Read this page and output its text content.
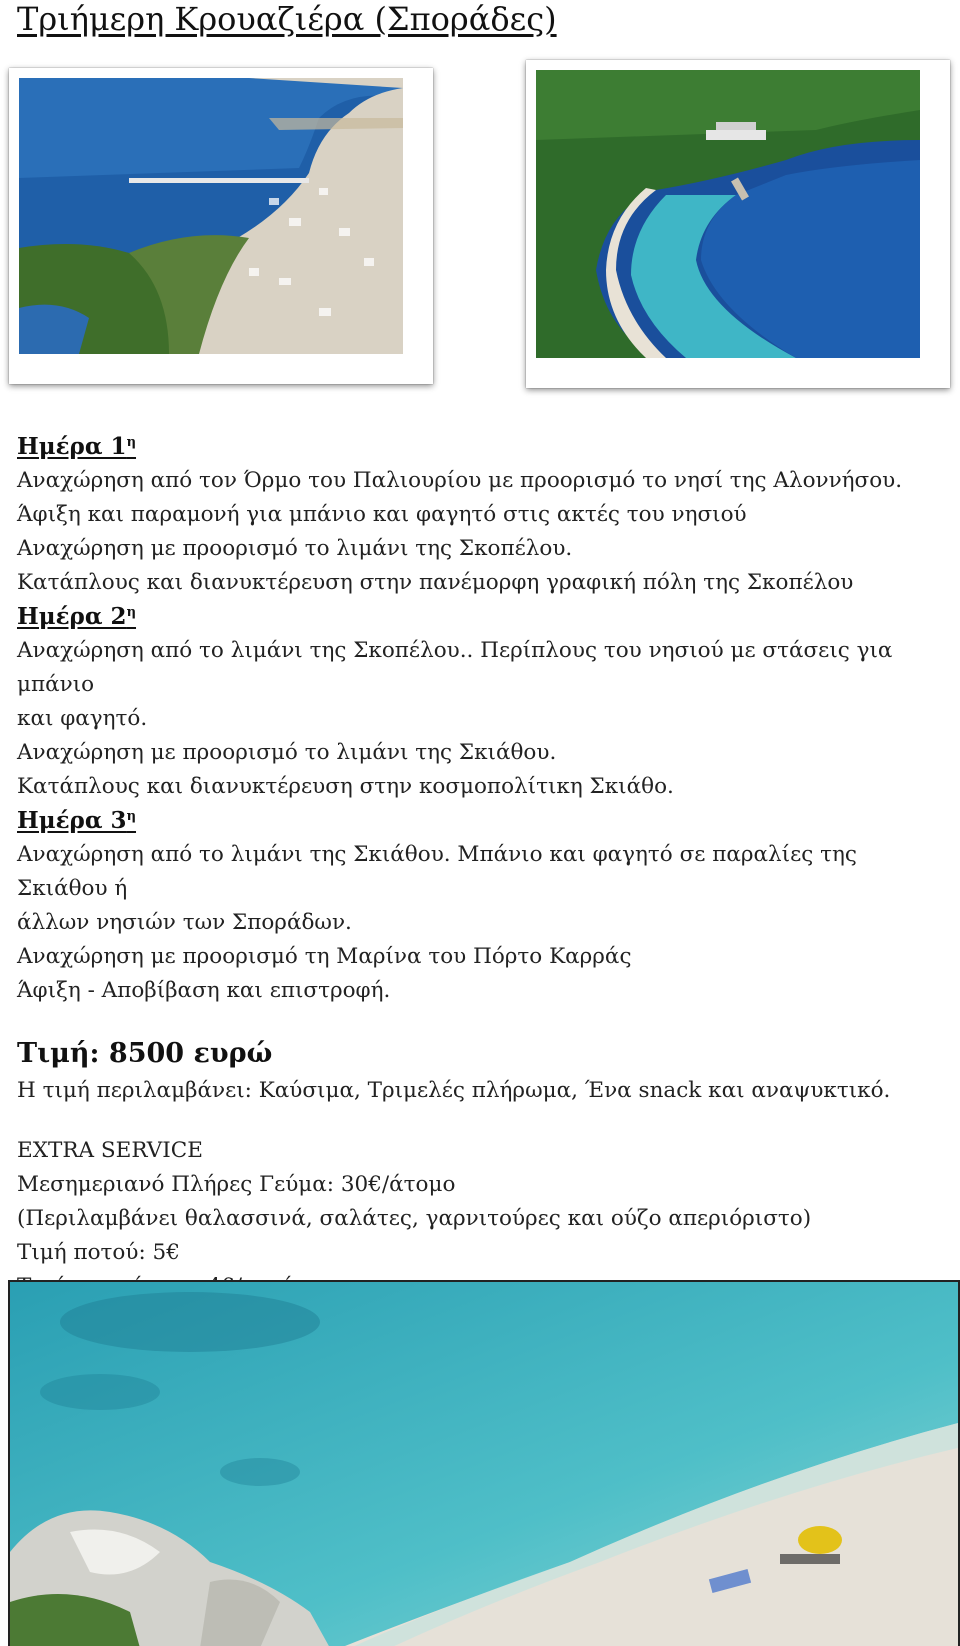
Τριήμερη Κρουαζιέρα (Σποράδες)
Ημέρα $1^\eta$
Αναχώρηση από τον Όρμο του Παλιουρίου με προορισμό το νησί της Αλοννήσου.
Άφιξη και παραμονή για μπάνιο και φαγητό στις ακτές του νησιού
Αναχώρηση με προορισμό το λιμάνι της Σκοπέλου.
Κατάπλους και διανυκτέρευση στην πανέμορφη γραφική πόλη της Σκοπέλου
Ημέρα $2^\eta$
Αναχώρηση από το λιμάνι της Σκοπέλου.. Περίπλους του νησιού με στάσεις για μπάνιο
και φαγητό.
Αναχώρηση με προορισμό το λιμάνι της Σκιάθου.
Κατάπλους και διανυκτέρευση στην κοσμοπολίτικη Σκιάθο.
Ημέρα $3^\eta$
Αναχώρηση από το λιμάνι της Σκιάθου. Μπάνιο και φαγητό σε παραλίες της Σκιάθου ή
άλλων νησιών των Σποράδων.
Αναχώρηση με προορισμό τη Μαρίνα του Πόρτο Καρράς
Άφιξη - Αποβίβαση και επιστροφή.
Τιμή: 8500 ευρώ
Η τιμή περιλαμβάνει: Καύσιμα, Τριμελές πλήρωμα, Ένα snack και αναψυκτικό.
EXTRA SERVICE
Μεσημεριανό Πλήρες Γεύμα: 30€/άτομο
(Περιλαμβάνει θαλασσινά, σαλάτες, γαρνιτούρες και ούζο απεριόριστο)
Τιμή ποτού: 5€
